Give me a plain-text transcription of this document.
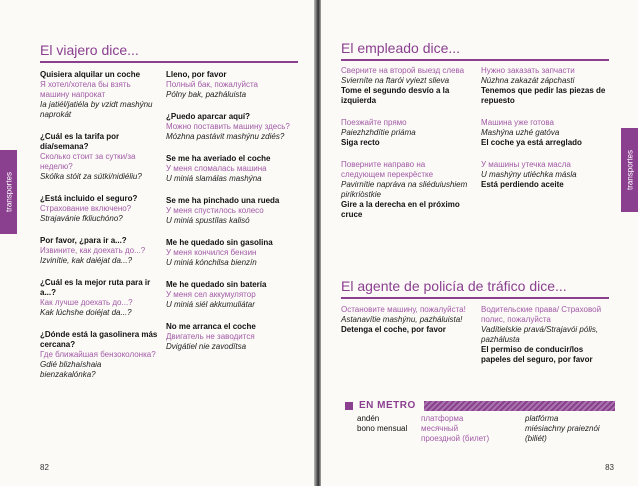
El viajero dice...
transportes
Quisiera alquilar un coche
Я хотел/хотела бы взять машину напрокат
Ia jatiél/jatiéla by vzidt mashýnu naprokát
¿Cuál es la tarifa por día/semana?
Сколько стоит за сутки/за неделю?
Skólka stóit za sútki/nidiéliu?
¿Está incluido el seguro?
Страхование включено?
Strajavánie fkliuchóno?
Por favor, ¿para ir a...?
Извините, как доехать до...?
Izvinítie, kak daiéjat da...?
¿Cuál es la mejor ruta para ir a...?
Как лучше доехать до...?
Kak lúchshe doiéjat da...?
¿Dónde está la gasolinera más cercana?
Где ближайшая бензоколонка?
Gdié blizhaíshaia bienzakalónka?
Lleno, por favor
Полный бак, пожалуйста
Pólny bak, pazháluista
¿Puedo aparcar aquí?
Можно поставить машину здесь?
Mózhna pastávit mashýnu zdiés?
Se me ha averiado el coche
У меня сломалась машина
U miniá slamálas mashýna
Se me ha pinchado una rueda
У меня спустилось колесо
U miniá spustílas kalisó
Me he quedado sin gasolina
У меня кончился бензин
U miniá kónchilsa bienzín
Me he quedado sin batería
У меня сел аккумулятор
U miniá siél akkumuliátar
No me arranca el coche
Двигатель не заводится
Dvigátiel nie zavodítsa
82
El empleado dice...
Сверните на второй выезд слева
Svierníte na ftarói vyiezt slieva
Tome el segundo desvío a la izquierda
Поезжайте прямо
Paiezhzhdítie priáma
Siga recto
Поверните направо на следующем перекрёстке
Pavirnítie naprávа na sliéduiushiem pirikriòstkie
Gire a la derecha en el próximo cruce
Нужно заказать запчасти
Núzhna zakazát zápchasti
Tenemos que pedir las piezas de repuesto
Машина уже готова
Mashýna uzhé gatóva
El coche ya está arreglado
У машины утечка масла
U mashýny utiéchka másla
Está perdiendo aceite	transportes
El agente de policía de tráfico dice...
Остановите машину, пожалуйста!
Astanavítie mashýnu, pazháluista!
Detenga el coche, por favor
Водительские права/ Страховой полис, пожалуйста
Vadítielskie pravá/Strajavói pólis, pazhálusta
El permiso de conducir/los papeles del seguro, por favor
EN METRO
andén	платформа	platfórma
bono mensual	месячный	miésiachny praieznói
проездной (билет)	(biliét)
83
